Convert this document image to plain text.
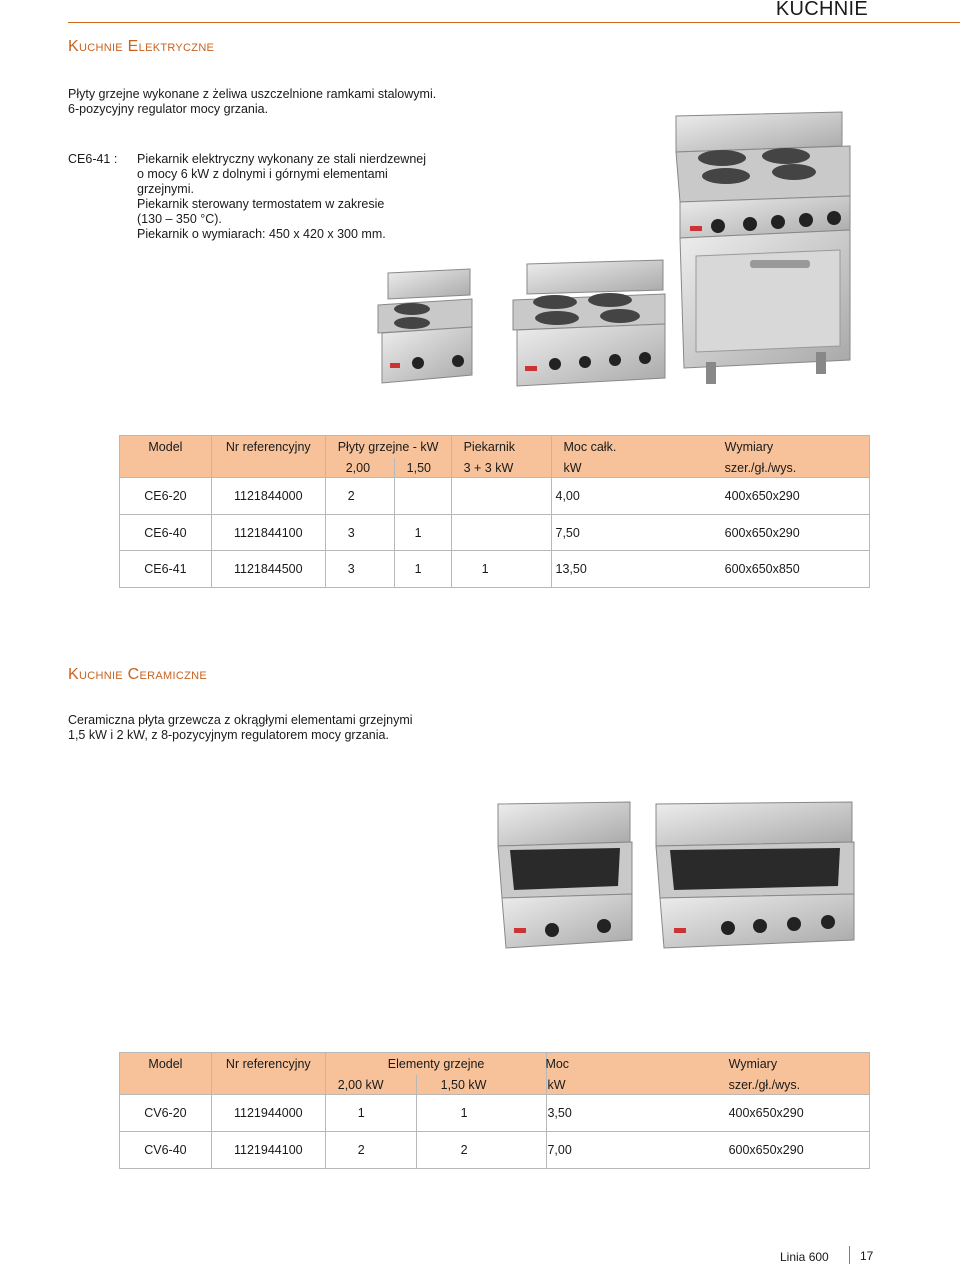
KUCHNIE
Kuchnie Elektryczne
Płyty grzejne wykonane z żeliwa uszczelnione ramkami stalowymi.
6-pozycyjny regulator mocy grzania.
CE6-41 : Piekarnik elektryczny wykonany ze stali nierdzewnej
o mocy 6 kW z dolnymi i górnymi elementami
grzejnymi.
Piekarnik sterowany termostatem w zakresie
(130 – 350 °C).
Piekarnik o wymiarach: 450 x 420 x 300 mm.
Model	Nr referencyjny	Płyty grzejne - kW		Piekarnik	Moc całk.	Wymiary
		2,00	1,50	3 + 3 kW	kW	szer./gł./wys.
CE6-20	1121844000	2			4,00	400x650x290
CE6-40	1121844100	3	1		7,50	600x650x290
CE6-41	1121844500	3	1	1	13,50	600x650x850
Kuchnie Ceramiczne
Ceramiczna płyta grzewcza z okrągłymi elementami grzejnymi
1,5 kW i 2 kW, z 8-pozycyjnym regulatorem mocy grzania.
Model	Nr referencyjny	Elementy grzejne		Moc	Wymiary
		2,00 kW	1,50 kW	kW	szer./gł./wys.
CV6-20	1121944000	1	1	3,50	400x650x290
CV6-40	1121944100	2	2	7,00	600x650x290
Linia 600	17
